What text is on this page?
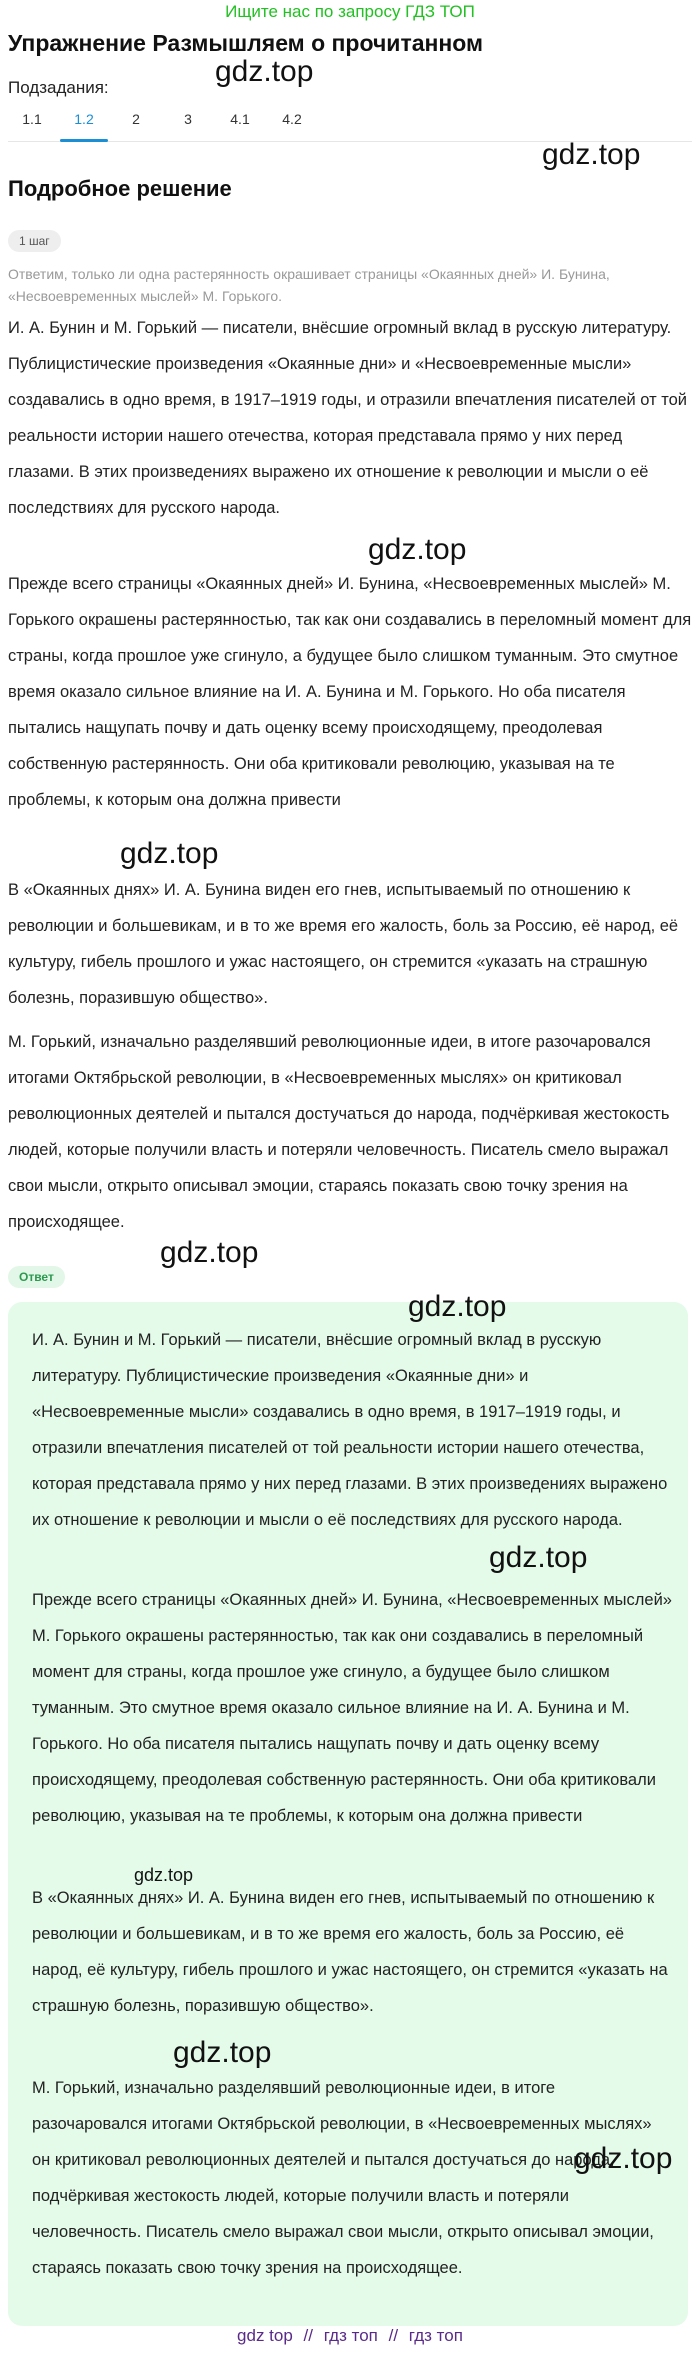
Ищите нас по запросу ГДЗ ТОП
Упражнение Размышляем о прочитанном
Подзадания:
1.1	1.2	2	3	4.1	4.2
Подробное решение
1 шаг
Ответим, только ли одна растерянность окрашивает страницы «Окаянных дней» И. Бунина, «Несвоевременных мыслей» М. Горького.
И. А. Бунин и М. Горький — писатели, внёсшие огромный вклад в русскую литературу. Публицистические произведения «Окаянные дни» и «Несвоевременные мысли» создавались в одно время, в 1917–1919 годы, и отразили впечатления писателей от той реальности истории нашего отечества, которая представала прямо у них перед глазами. В этих произведениях выражено их отношение к революции и мысли о её последствиях для русского народа.
Прежде всего страницы «Окаянных дней» И. Бунина, «Несвоевременных мыслей» М. Горького окрашены растерянностью, так как они создавались в переломный момент для страны, когда прошлое уже сгинуло, а будущее было слишком туманным. Это смутное время оказало сильное влияние на И. А. Бунина и М. Горького. Но оба писателя пытались нащупать почву и дать оценку всему происходящему, преодолевая собственную растерянность. Они оба критиковали революцию, указывая на те проблемы, к которым она должна привести
В «Окаянных днях» И. А. Бунина виден его гнев, испытываемый по отношению к революции и большевикам, и в то же время его жалость, боль за Россию, её народ, её культуру, гибель прошлого и ужас настоящего, он стремится «указать на страшную болезнь, поразившую общество».
М. Горький, изначально разделявший революционные идеи, в итоге разочаровался итогами Октябрьской революции, в «Несвоевременных мыслях» он критиковал революционных деятелей и пытался достучаться до народа, подчёркивая жестокость людей, которые получили власть и потеряли человечность. Писатель смело выражал свои мысли, открыто описывал эмоции, стараясь показать свою точку зрения на происходящее.
Ответ
И. А. Бунин и М. Горький — писатели, внёсшие огромный вклад в русскую литературу. Публицистические произведения «Окаянные дни» и «Несвоевременные мысли» создавались в одно время, в 1917–1919 годы, и отразили впечатления писателей от той реальности истории нашего отечества, которая представала прямо у них перед глазами. В этих произведениях выражено их отношение к революции и мысли о её последствиях для русского народа.
Прежде всего страницы «Окаянных дней» И. Бунина, «Несвоевременных мыслей» М. Горького окрашены растерянностью, так как они создавались в переломный момент для страны, когда прошлое уже сгинуло, а будущее было слишком туманным. Это смутное время оказало сильное влияние на И. А. Бунина и М. Горького. Но оба писателя пытались нащупать почву и дать оценку всему происходящему, преодолевая собственную растерянность. Они оба критиковали революцию, указывая на те проблемы, к которым она должна привести
В «Окаянных днях» И. А. Бунина виден его гнев, испытываемый по отношению к революции и большевикам, и в то же время его жалость, боль за Россию, её народ, её культуру, гибель прошлого и ужас настоящего, он стремится «указать на страшную болезнь, поразившую общество».
М. Горький, изначально разделявший революционные идеи, в итоге разочаровался итогами Октябрьской революции, в «Несвоевременных мыслях» он критиковал революционных деятелей и пытался достучаться до народа, подчёркивая жестокость людей, которые получили власть и потеряли человечность. Писатель смело выражал свои мысли, открыто описывал эмоции, стараясь показать свою точку зрения на происходящее.
gdz.top
gdz.top
gdz.top
gdz.top
gdz.top
gdz.top
gdz.top
gdz.top
gdz.top
gdz.top
gdz top // гдз топ // гдз топ
